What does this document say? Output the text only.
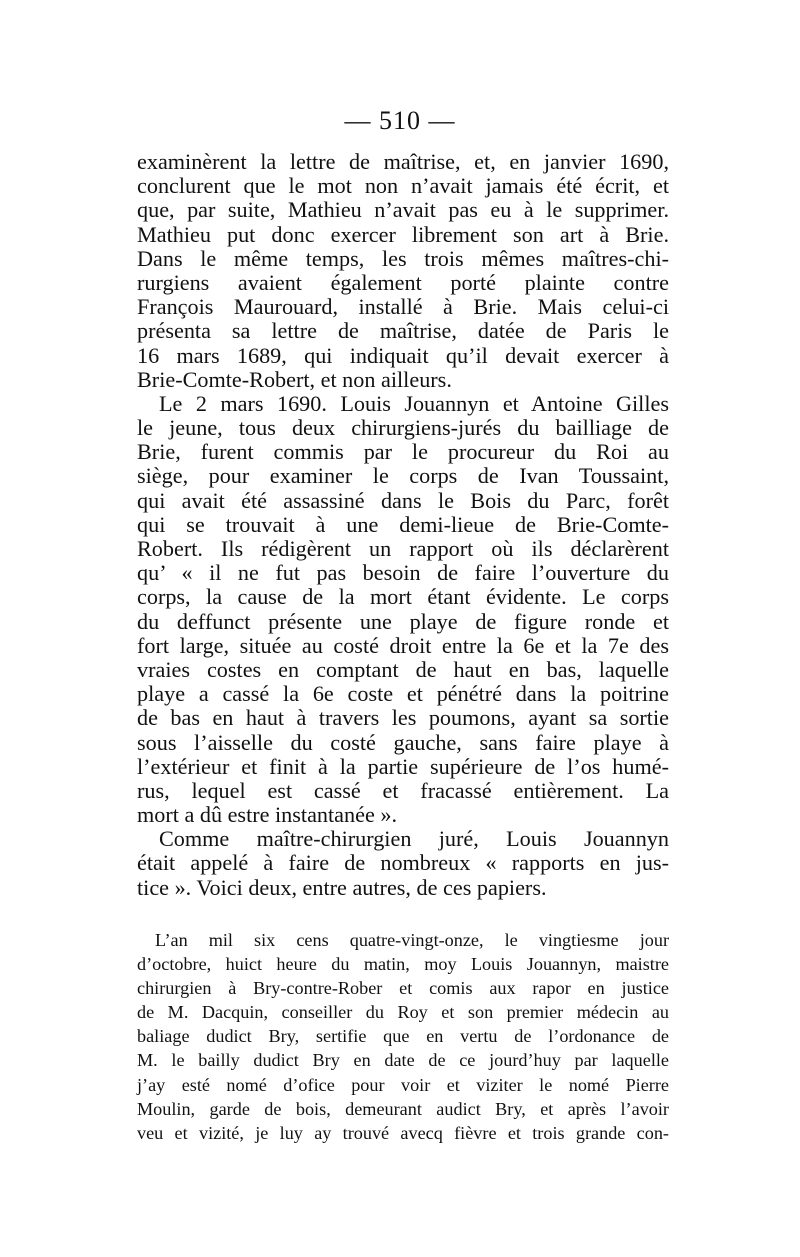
— 510 —
examinèrent la lettre de maîtrise, et, en janvier 1690,
conclurent que le mot non n’avait jamais été écrit, et
que, par suite, Mathieu n’avait pas eu à le supprimer.
Mathieu put donc exercer librement son art à Brie.
Dans le même temps, les trois mêmes maîtres-chi-
rurgiens avaient également porté plainte contre
François Maurouard, installé à Brie. Mais celui-ci
présenta sa lettre de maîtrise, datée de Paris le
16 mars 1689, qui indiquait qu’il devait exercer à
Brie-Comte-Robert, et non ailleurs.
Le 2 mars 1690. Louis Jouannyn et Antoine Gilles
le jeune, tous deux chirurgiens-jurés du bailliage de
Brie, furent commis par le procureur du Roi au
siège, pour examiner le corps de Ivan Toussaint,
qui avait été assassiné dans le Bois du Parc, forêt
qui se trouvait à une demi-lieue de Brie-Comte-
Robert. Ils rédigèrent un rapport où ils déclarèrent
qu’ « il ne fut pas besoin de faire l’ouverture du
corps, la cause de la mort étant évidente. Le corps
du deffunct présente une playe de figure ronde et
fort large, située au costé droit entre la 6e et la 7e des
vraies costes en comptant de haut en bas, laquelle
playe a cassé la 6e coste et pénétré dans la poitrine
de bas en haut à travers les poumons, ayant sa sortie
sous l’aisselle du costé gauche, sans faire playe à
l’extérieur et finit à la partie supérieure de l’os humé-
rus, lequel est cassé et fracassé entièrement. La
mort a dû estre instantanée ».
Comme maître-chirurgien juré, Louis Jouannyn
était appelé à faire de nombreux « rapports en jus-
tice ». Voici deux, entre autres, de ces papiers.
L’an mil six cens quatre-vingt-onze, le vingtiesme jour
d’octobre, huict heure du matin, moy Louis Jouannyn, maistre
chirurgien à Bry-contre-Rober et comis aux rapor en justice
de M. Dacquin, conseiller du Roy et son premier médecin au
baliage dudict Bry, sertifie que en vertu de l’ordonance de
M. le bailly dudict Bry en date de ce jourd’huy par laquelle
j’ay esté nomé d’ofice pour voir et viziter le nomé Pierre
Moulin, garde de bois, demeurant audict Bry, et après l’avoir
veu et vizité, je luy ay trouvé avecq fièvre et trois grande con-
